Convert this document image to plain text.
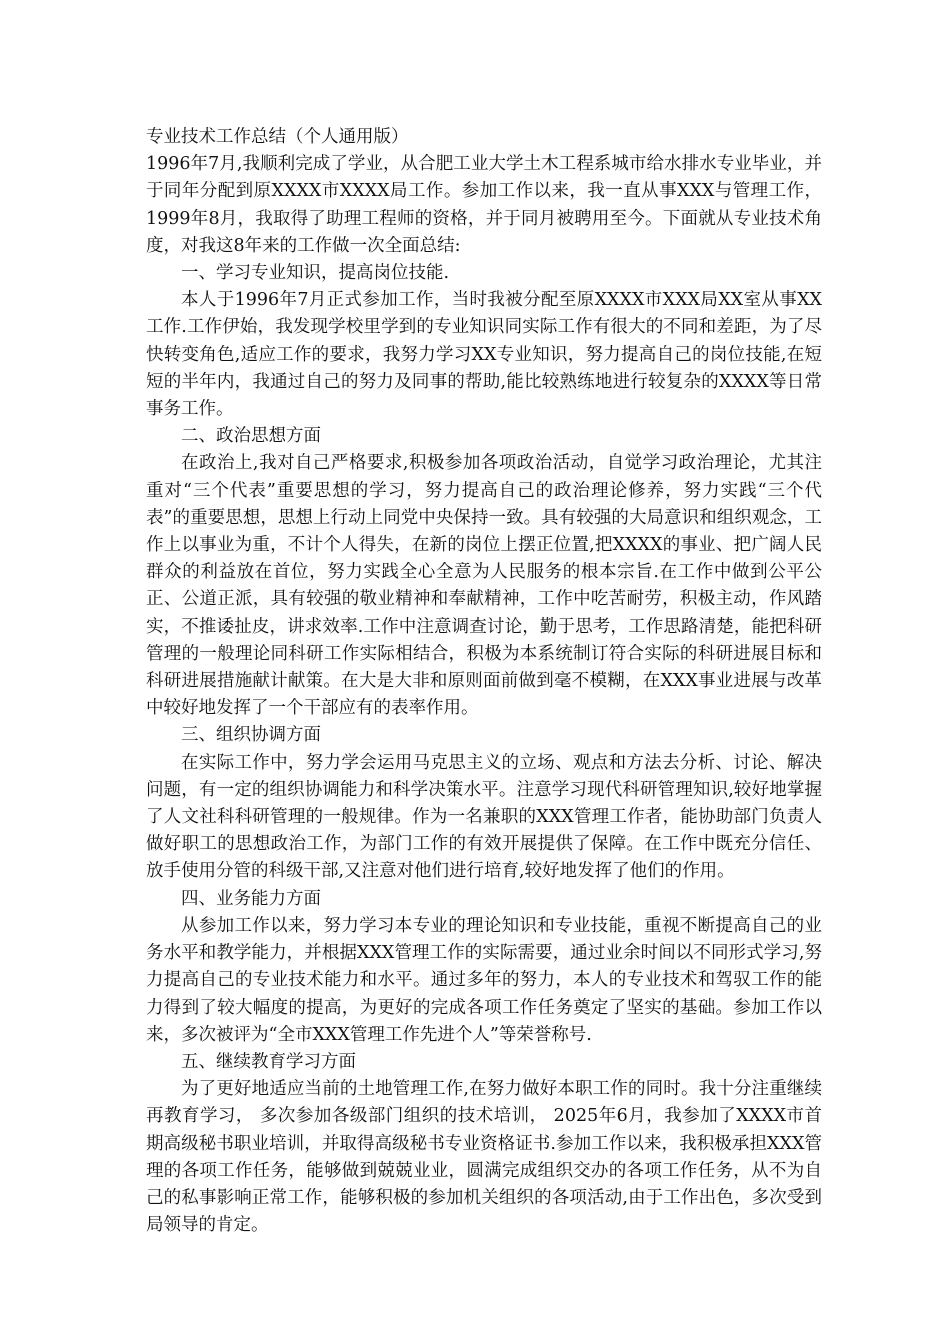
专业技术工作总结（个人通用版）

1996年7月,我顺利完成了学业，从合肥工业大学土木工程系城市给水排水专业毕业，并于同年分配到原XXXX市XXXX局工作。参加工作以来，我一直从事XXX与管理工作，1999年8月，我取得了助理工程师的资格，并于同月被聘用至今。下面就从专业技术角度，对我这8年来的工作做一次全面总结:

一、学习专业知识，提高岗位技能.

本人于1996年7月正式参加工作，当时我被分配至原XXXX市XXX局XX室从事XX工作.工作伊始，我发现学校里学到的专业知识同实际工作有很大的不同和差距，为了尽快转变角色,适应工作的要求，我努力学习XX专业知识，努力提高自己的岗位技能,在短短的半年内，我通过自己的努力及同事的帮助,能比较熟练地进行较复杂的XXXX等日常事务工作。

二、政治思想方面

在政治上,我对自己严格要求,积极参加各项政治活动，自觉学习政治理论，尤其注重对“三个代表”重要思想的学习，努力提高自己的政治理论修养，努力实践“三个代表”的重要思想，思想上行动上同党中央保持一致。具有较强的大局意识和组织观念，工作上以事业为重，不计个人得失，在新的岗位上摆正位置,把XXXX的事业、把广阔人民群众的利益放在首位，努力实践全心全意为人民服务的根本宗旨.在工作中做到公平公正、公道正派，具有较强的敬业精神和奉献精神，工作中吃苦耐劳，积极主动，作风踏实，不推诿扯皮，讲求效率.工作中注意调查讨论，勤于思考，工作思路清楚，能把科研管理的一般理论同科研工作实际相结合，积极为本系统制订符合实际的科研进展目标和科研进展措施献计献策。在大是大非和原则面前做到毫不模糊，在XXX事业进展与改革中较好地发挥了一个干部应有的表率作用。

三、组织协调方面

在实际工作中，努力学会运用马克思主义的立场、观点和方法去分析、讨论、解决问题，有一定的组织协调能力和科学决策水平。注意学习现代科研管理知识,较好地掌握了人文社科科研管理的一般规律。作为一名兼职的XXX管理工作者，能协助部门负责人做好职工的思想政治工作，为部门工作的有效开展提供了保障。在工作中既充分信任、放手使用分管的科级干部,又注意对他们进行培育,较好地发挥了他们的作用。

四、业务能力方面

从参加工作以来，努力学习本专业的理论知识和专业技能，重视不断提高自己的业务水平和教学能力，并根据XXX管理工作的实际需要，通过业余时间以不同形式学习,努力提高自己的专业技术能力和水平。通过多年的努力，本人的专业技术和驾驭工作的能力得到了较大幅度的提高，为更好的完成各项工作任务奠定了坚实的基础。参加工作以来，多次被评为“全市XXX管理工作先进个人”等荣誉称号.

五、继续教育学习方面

为了更好地适应当前的土地管理工作,在努力做好本职工作的同时。我十分注重继续再教育学习， 多次参加各级部门组织的技术培训， 2025年6月，我参加了XXXX市首期高级秘书职业培训，并取得高级秘书专业资格证书.参加工作以来，我积极承担XXX管理的各项工作任务，能够做到兢兢业业，圆满完成组织交办的各项工作任务，从不为自己的私事影响正常工作，能够积极的参加机关组织的各项活动,由于工作出色，多次受到局领导的肯定。
